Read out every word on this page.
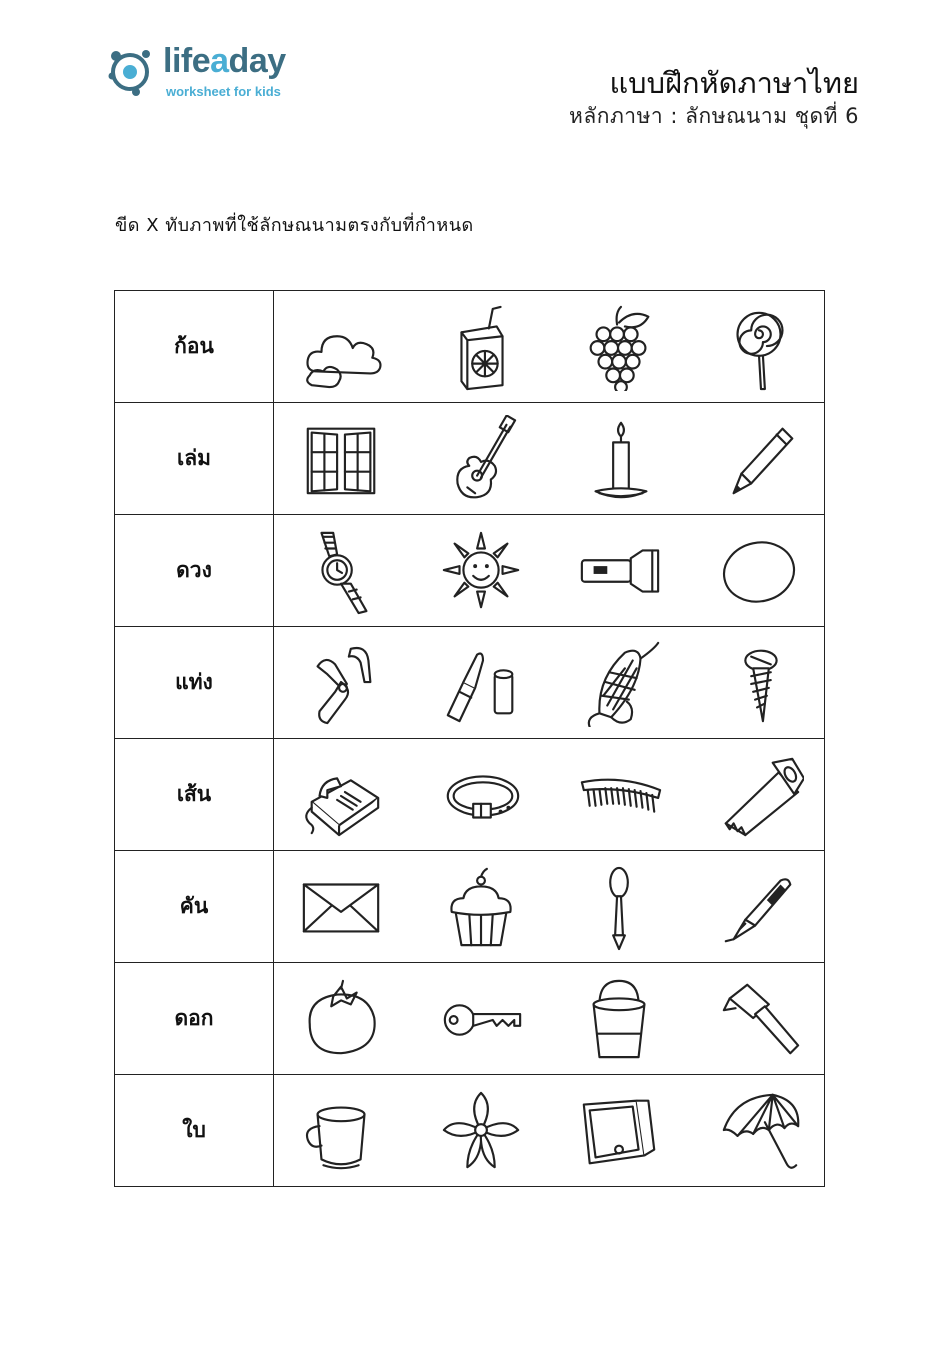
lifeaday
worksheet for kids	แบบฝึกหัดภาษาไทย
หลักภาษา : ลักษณนาม ชุดที่ 6
ขีด X ทับภาพที่ใช้ลักษณนามตรงกับที่กำหนด
ก้อน	

เล่ม	

ดวง	

แท่ง	

เส้น	

คัน	

ดอก	

ใบ	
